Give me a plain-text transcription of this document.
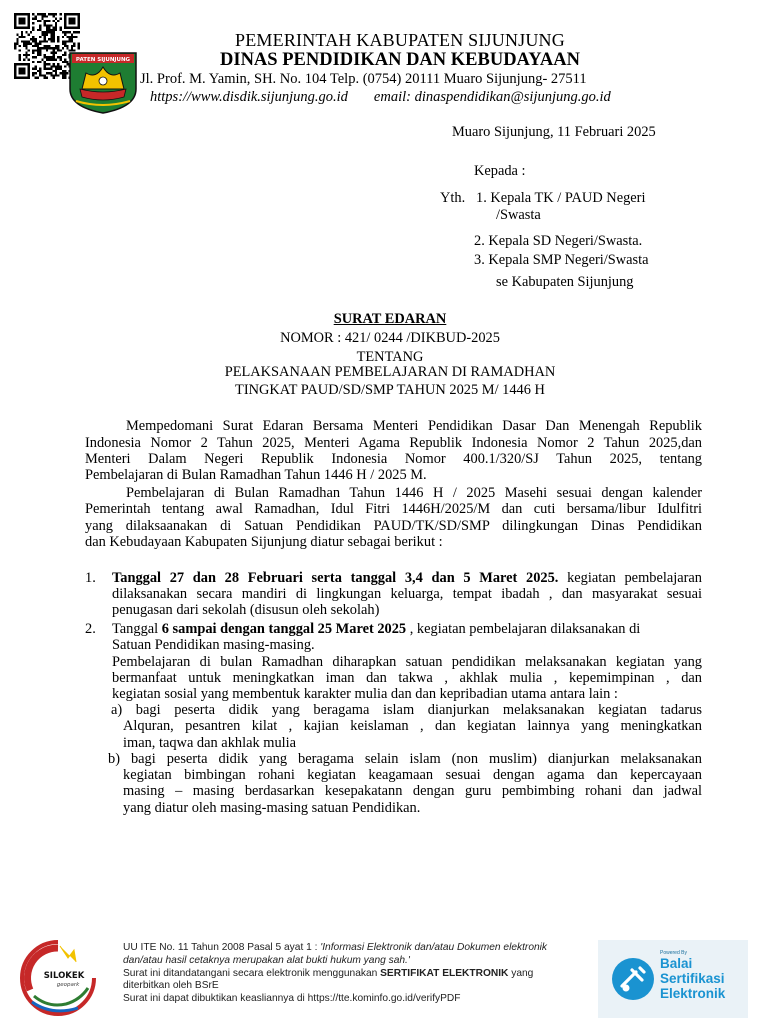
PATEN SIJUNJUNG
PEMERINTAH KABUPATEN SIJUNJUNG
DINAS PENDIDIKAN DAN KEBUDAYAAN
Jl. Prof. M. Yamin, SH. No. 104 Telp. (0754) 20111 Muaro Sijunjung- 27511
https://www.disdik.sijunjung.go.id email: dinaspendidikan@sijunjung.go.id
Muaro Sijunjung, 11 Februari 2025
Kepada :
Yth. 1. Kepala TK / PAUD Negeri
/Swasta
2. Kepala SD Negeri/Swasta.
3. Kepala SMP Negeri/Swasta
se Kabupaten Sijunjung
SURAT EDARAN
NOMOR : 421/ 0244 /DIKBUD-2025
TENTANG
PELAKSANAAN PEMBELAJARAN DI RAMADHAN
TINGKAT PAUD/SD/SMP TAHUN 2025 M/ 1446 H
Mempedomani Surat Edaran Bersama Menteri Pendidikan Dasar Dan Menengah Republik
Indonesia Nomor 2 Tahun 2025, Menteri Agama Republik Indonesia Nomor 2 Tahun 2025,dan
Menteri Dalam Negeri Republik Indonesia Nomor 400.1/320/SJ Tahun 2025, tentang
Pembelajaran di Bulan Ramadhan Tahun 1446 H / 2025 M.
Pembelajaran di Bulan Ramadhan Tahun 1446 H / 2025 Masehi sesuai dengan kalender
Pemerintah tentang awal Ramadhan, Idul Fitri 1446H/2025/M dan cuti bersama/libur Idulfitri
yang dilaksaanakan di Satuan Pendidikan PAUD/TK/SD/SMP dilingkungan Dinas Pendidikan
dan Kebudayaan Kabupaten Sijunjung diatur sebagai berikut :
1. Tanggal 27 dan 28 Februari serta tanggal 3,4 dan 5 Maret 2025. kegiatan pembelajaran
dilaksanakan secara mandiri di lingkungan keluarga, tempat ibadah , dan masyarakat sesuai
penugasan dari sekolah (disusun oleh sekolah)
2. Tanggal 6 sampai dengan tanggal 25 Maret 2025 , kegiatan pembelajaran dilaksanakan di
Satuan Pendidikan masing-masing.
Pembelajaran di bulan Ramadhan diharapkan satuan pendidikan melaksanakan kegiatan yang
bermanfaat untuk meningkatkan iman dan takwa , akhlak mulia , kepemimpinan , dan
kegiatan sosial yang membentuk karakter mulia dan dan kepribadian utama antara lain :
a) bagi peserta didik yang beragama islam dianjurkan melaksanakan kegiatan tadarus
Alquran, pesantren kilat , kajian keislaman , dan kegiatan lainnya yang meningkatkan
iman, taqwa dan akhlak mulia
b) bagi peserta didik yang beragama selain islam (non muslim) dianjurkan melaksanakan
kegiatan bimbingan rohani kegiatan keagamaan sesuai dengan agama dan kepercayaan
masing – masing berdasarkan kesepakatann dengan guru pembimbing rohani dan jadwal
yang diatur oleh masing-masing satuan Pendidikan.
SILOKEK
geopark
UU ITE No. 11 Tahun 2008 Pasal 5 ayat 1 : 'Informasi Elektronik dan/atau Dokumen elektronik
dan/atau hasil cetaknya merupakan alat bukti hukum yang sah.'
Surat ini ditandatangani secara elektronik menggunakan SERTIFIKAT ELEKTRONIK yang
diterbitkan oleh BSrE
Surat ini dapat dibuktikan keasliannya di https://tte.kominfo.go.id/verifyPDF
Powered By
Balai
Sertifikasi
Elektronik
